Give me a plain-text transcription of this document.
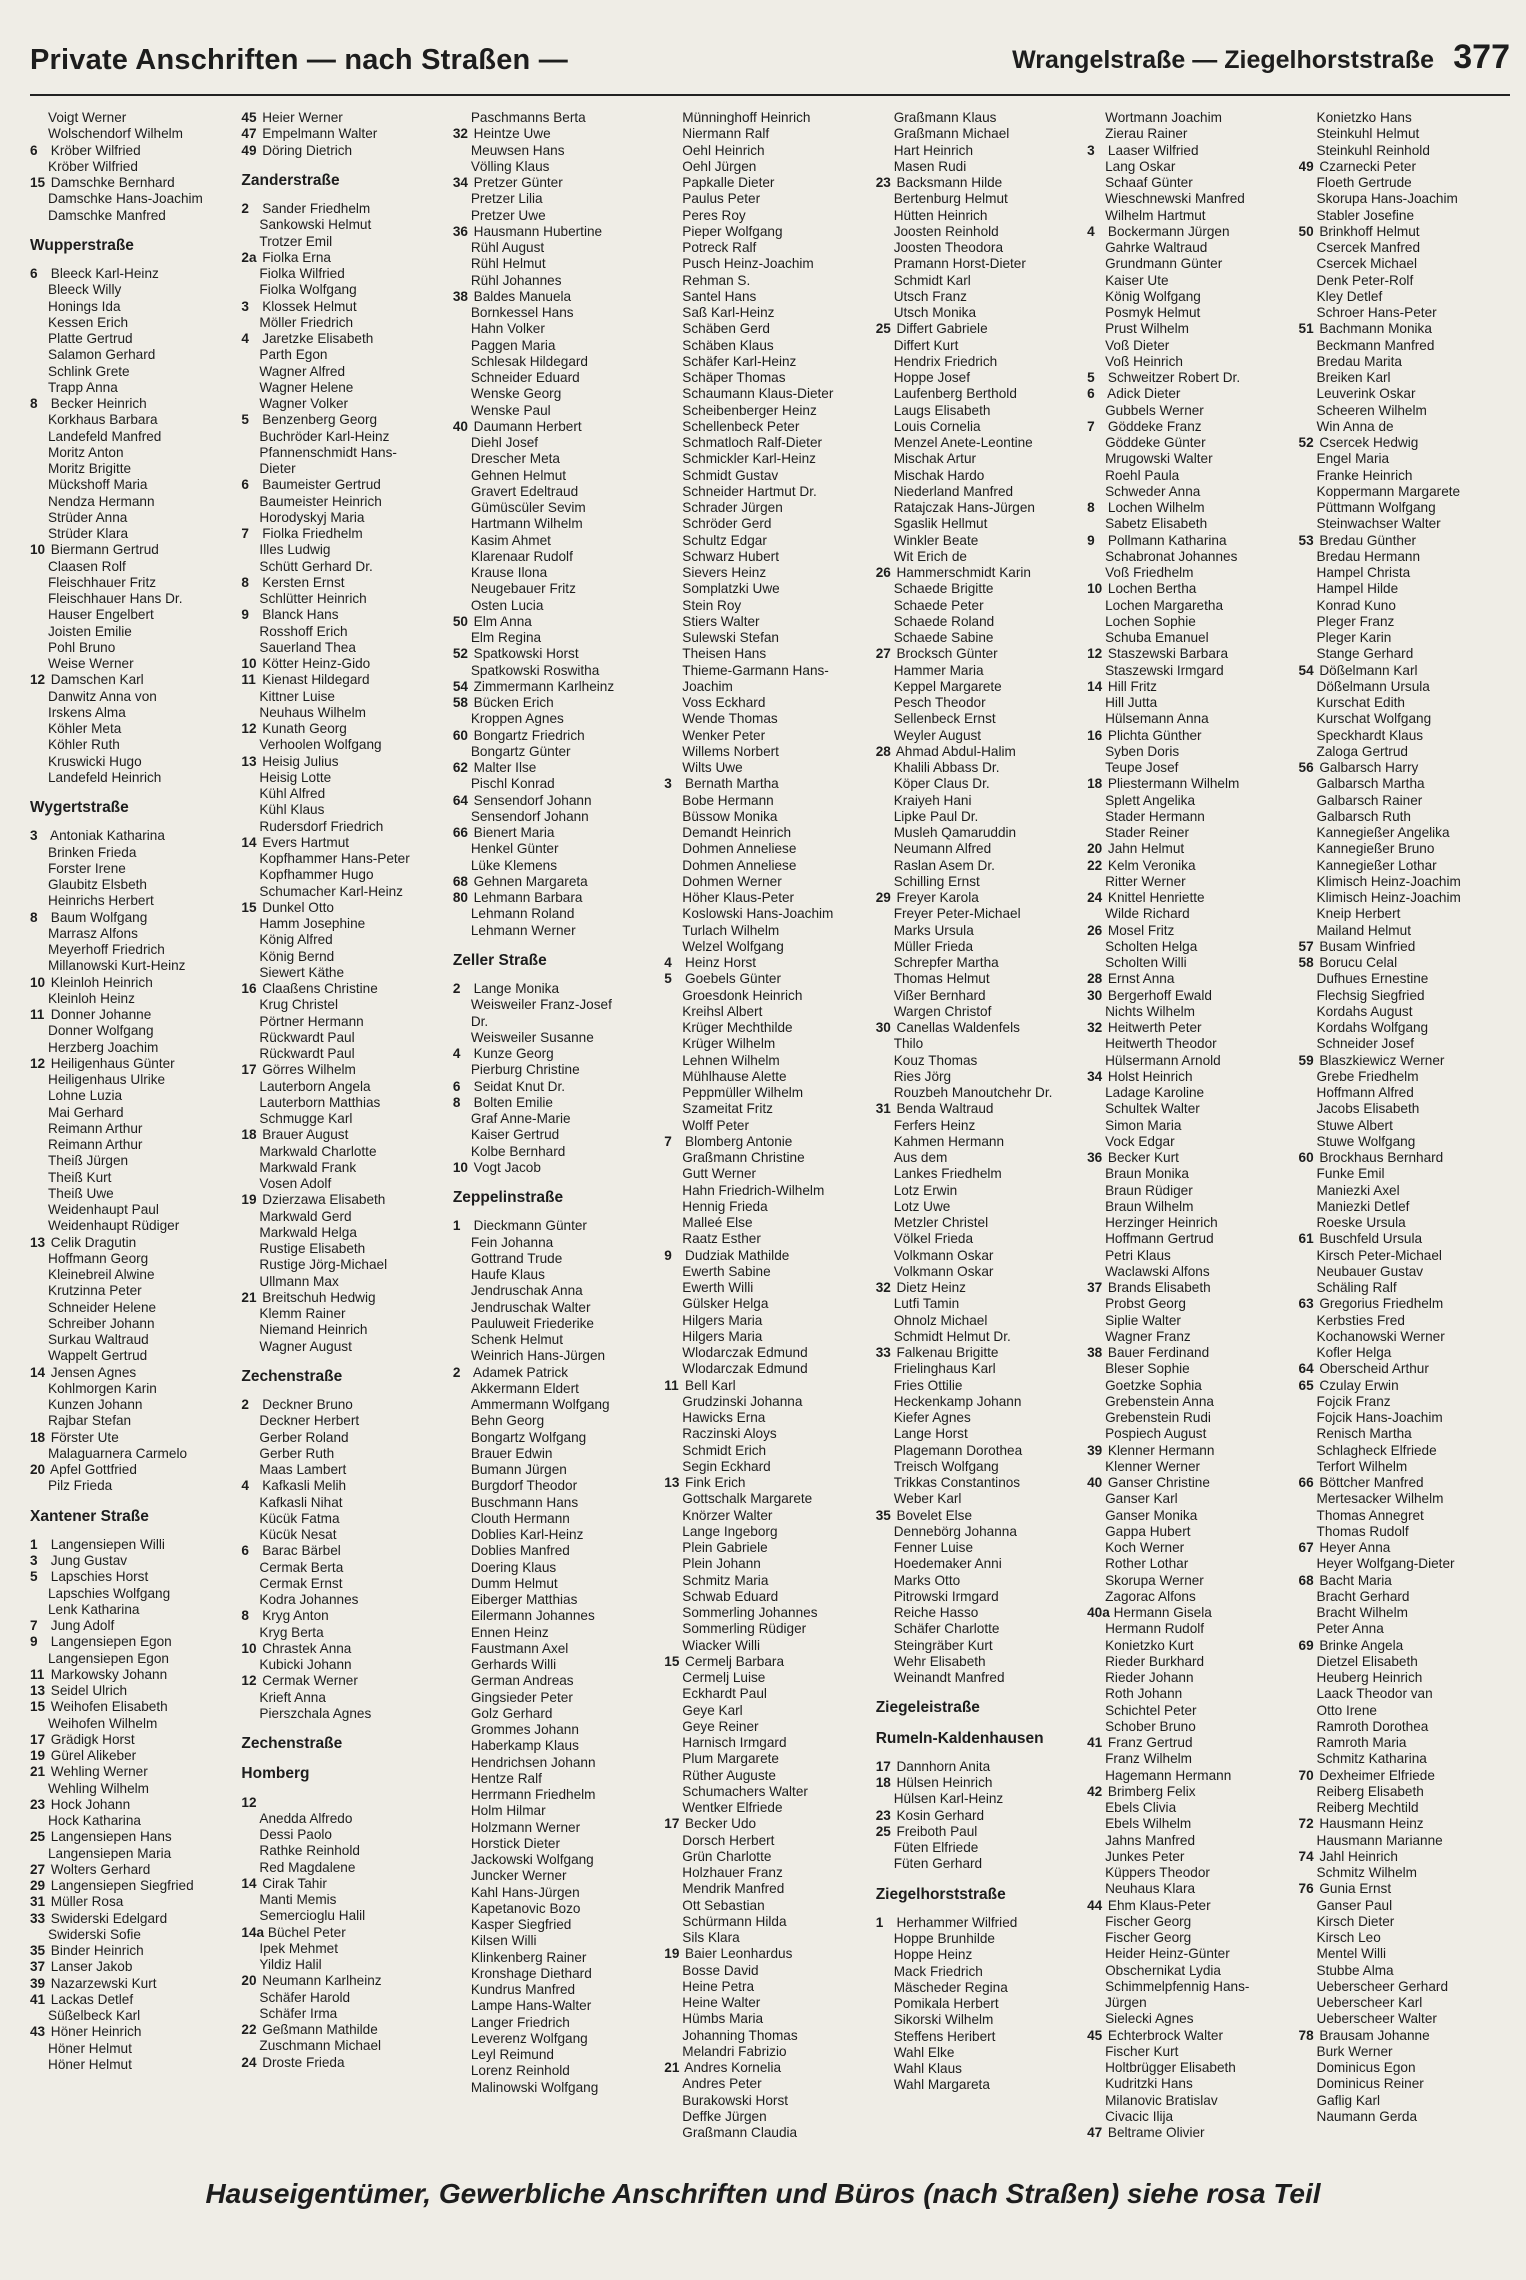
Private Anschriften — nach Straßen —	Wrangelstraße — Ziegelhorststraße 377
Voigt Werner
Wolschendorf Wilhelm
6 Kröber Wilfried
Kröber Wilfried
15 Damschke Bernhard
Damschke Hans-Joachim
Damschke Manfred
Wupperstraße
6 Bleeck Karl-Heinz
Bleeck Willy
Honings Ida
Kessen Erich
Platte Gertrud
Salamon Gerhard
Schlink Grete
Trapp Anna
8 Becker Heinrich
Korkhaus Barbara
Landefeld Manfred
Moritz Anton
Moritz Brigitte
Mückshoff Maria
Nendza Hermann
Strüder Anna
Strüder Klara
10 Biermann Gertrud
Claasen Rolf
Fleischhauer Fritz
Fleischhauer Hans Dr.
Hauser Engelbert
Joisten Emilie
Pohl Bruno
Weise Werner
12 Damschen Karl
Danwitz Anna von
Irskens Alma
Köhler Meta
Köhler Ruth
Kruswicki Hugo
Landefeld Heinrich
Wygertstraße
3 Antoniak Katharina
Brinken Frieda
Forster Irene
Glaubitz Elsbeth
Heinrichs Herbert
8 Baum Wolfgang
Marrasz Alfons
Meyerhoff Friedrich
Millanowski Kurt-Heinz
10 Kleinloh Heinrich
Kleinloh Heinz
11 Donner Johanne
Donner Wolfgang
Herzberg Joachim
12 Heiligenhaus Günter
Heiligenhaus Ulrike
Lohne Luzia
Mai Gerhard
Reimann Arthur
Reimann Arthur
Theiß Jürgen
Theiß Kurt
Theiß Uwe
Weidenhaupt Paul
Weidenhaupt Rüdiger
13 Celik Dragutin
Hoffmann Georg
Kleinebreil Alwine
Krutzinna Peter
Schneider Helene
Schreiber Johann
Surkau Waltraud
Wappelt Gertrud
14 Jensen Agnes
Kohlmorgen Karin
Kunzen Johann
Rajbar Stefan
18 Förster Ute
Malaguarnera Carmelo
20 Apfel Gottfried
Pilz Frieda
Xantener Straße
1 Langensiepen Willi
3 Jung Gustav
5 Lapschies Horst
Lapschies Wolfgang
Lenk Katharina
7 Jung Adolf
9 Langensiepen Egon
Langensiepen Egon
11 Markowsky Johann
13 Seidel Ulrich
15 Weihofen Elisabeth
Weihofen Wilhelm
17 Grädigk Horst
19 Gürel Alikeber
21 Wehling Werner
Wehling Wilhelm
23 Hock Johann
Hock Katharina
25 Langensiepen Hans
Langensiepen Maria
27 Wolters Gerhard
29 Langensiepen Siegfried
31 Müller Rosa
33 Swiderski Edelgard
Swiderski Sofie
35 Binder Heinrich
37 Lanser Jakob
39 Nazarzewski Kurt
41 Lackas Detlef
Süßelbeck Karl
43 Höner Heinrich
Höner Helmut
Höner Helmut
45 Heier Werner
47 Empelmann Walter
49 Döring Dietrich
Zanderstraße
2 Sander Friedhelm
Sankowski Helmut
Trotzer Emil
2a Fiolka Erna
Fiolka Wilfried
Fiolka Wolfgang
3 Klossek Helmut
Möller Friedrich
4 Jaretzke Elisabeth
Parth Egon
Wagner Alfred
Wagner Helene
Wagner Volker
5 Benzenberg Georg
Buchröder Karl-Heinz
Pfannenschmidt Hans-
Dieter
6 Baumeister Gertrud
Baumeister Heinrich
Horodyskyj Maria
7 Fiolka Friedhelm
Illes Ludwig
Schütt Gerhard Dr.
8 Kersten Ernst
Schlütter Heinrich
9 Blanck Hans
Rosshoff Erich
Sauerland Thea
10 Kötter Heinz-Gido
11 Kienast Hildegard
Kittner Luise
Neuhaus Wilhelm
12 Kunath Georg
Verhoolen Wolfgang
13 Heisig Julius
Heisig Lotte
Kühl Alfred
Kühl Klaus
Rudersdorf Friedrich
14 Evers Hartmut
Kopfhammer Hans-Peter
Kopfhammer Hugo
Schumacher Karl-Heinz
15 Dunkel Otto
Hamm Josephine
König Alfred
König Bernd
Siewert Käthe
16 Claaßens Christine
Krug Christel
Pörtner Hermann
Rückwardt Paul
Rückwardt Paul
17 Görres Wilhelm
Lauterborn Angela
Lauterborn Matthias
Schmugge Karl
18 Brauer August
Markwald Charlotte
Markwald Frank
Vosen Adolf
19 Dzierzawa Elisabeth
Markwald Gerd
Markwald Helga
Rustige Elisabeth
Rustige Jörg-Michael
Ullmann Max
21 Breitschuh Hedwig
Klemm Rainer
Niemand Heinrich
Wagner August
Zechenstraße
2 Deckner Bruno
Deckner Herbert
Gerber Roland
Gerber Ruth
Maas Lambert
4 Kafkasli Melih
Kafkasli Nihat
Kücük Fatma
Kücük Nesat
6 Barac Bärbel
Cermak Berta
Cermak Ernst
Kodra Johannes
8 Kryg Anton
Kryg Berta
10 Chrastek Anna
Kubicki Johann
12 Cermak Werner
Krieft Anna
Pierszchala Agnes
Zechenstraße
Homberg
12
Anedda Alfredo
Dessi Paolo
Rathke Reinhold
Red Magdalene
14 Cirak Tahir
Manti Memis
Semercioglu Halil
14a Büchel Peter
Ipek Mehmet
Yildiz Halil
20 Neumann Karlheinz
Schäfer Harold
Schäfer Irma
22 Geßmann Mathilde
Zuschmann Michael
24 Droste Frieda
Paschmanns Berta
32 Heintze Uwe
Meuwsen Hans
Völling Klaus
34 Pretzer Günter
Pretzer Lilia
Pretzer Uwe
36 Hausmann Hubertine
Rühl August
Rühl Helmut
Rühl Johannes
38 Baldes Manuela
Bornkessel Hans
Hahn Volker
Paggen Maria
Schlesak Hildegard
Schneider Eduard
Wenske Georg
Wenske Paul
40 Daumann Herbert
Diehl Josef
Drescher Meta
Gehnen Helmut
Gravert Edeltraud
Gümüscüler Sevim
Hartmann Wilhelm
Kasim Ahmet
Klarenaar Rudolf
Krause Ilona
Neugebauer Fritz
Osten Lucia
50 Elm Anna
Elm Regina
52 Spatkowski Horst
Spatkowski Roswitha
54 Zimmermann Karlheinz
58 Bücken Erich
Kroppen Agnes
60 Bongartz Friedrich
Bongartz Günter
62 Malter Ilse
Pischl Konrad
64 Sensendorf Johann
Sensendorf Johann
66 Bienert Maria
Henkel Günter
Lüke Klemens
68 Gehnen Margareta
80 Lehmann Barbara
Lehmann Roland
Lehmann Werner
Zeller Straße
2 Lange Monika
Weisweiler Franz-Josef
Dr.
Weisweiler Susanne
4 Kunze Georg
Pierburg Christine
6 Seidat Knut Dr.
8 Bolten Emilie
Graf Anne-Marie
Kaiser Gertrud
Kolbe Bernhard
10 Vogt Jacob
Zeppelinstraße
1 Dieckmann Günter
Fein Johanna
Gottrand Trude
Haufe Klaus
Jendruschak Anna
Jendruschak Walter
Pauluweit Friederike
Schenk Helmut
Weinrich Hans-Jürgen
2 Adamek Patrick
Akkermann Eldert
Ammermann Wolfgang
Behn Georg
Bongartz Wolfgang
Brauer Edwin
Bumann Jürgen
Burgdorf Theodor
Buschmann Hans
Clouth Hermann
Doblies Karl-Heinz
Doblies Manfred
Doering Klaus
Dumm Helmut
Eiberger Matthias
Eilermann Johannes
Ennen Heinz
Faustmann Axel
Gerhards Willi
German Andreas
Gingsieder Peter
Golz Gerhard
Grommes Johann
Haberkamp Klaus
Hendrichsen Johann
Hentze Ralf
Herrmann Friedhelm
Holm Hilmar
Holzmann Werner
Horstick Dieter
Jackowski Wolfgang
Juncker Werner
Kahl Hans-Jürgen
Kapetanovic Bozo
Kasper Siegfried
Kilsen Willi
Klinkenberg Rainer
Kronshage Diethard
Kundrus Manfred
Lampe Hans-Walter
Langer Friedrich
Leverenz Wolfgang
Leyl Reimund
Lorenz Reinhold
Malinowski Wolfgang
Münninghoff Heinrich
Niermann Ralf
Oehl Heinrich
Oehl Jürgen
Papkalle Dieter
Paulus Peter
Peres Roy
Pieper Wolfgang
Potreck Ralf
Pusch Heinz-Joachim
Rehman S.
Santel Hans
Saß Karl-Heinz
Schäben Gerd
Schäben Klaus
Schäfer Karl-Heinz
Schäper Thomas
Schaumann Klaus-Dieter
Scheibenberger Heinz
Schellenbeck Peter
Schmatloch Ralf-Dieter
Schmickler Karl-Heinz
Schmidt Gustav
Schneider Hartmut Dr.
Schrader Jürgen
Schröder Gerd
Schultz Edgar
Schwarz Hubert
Sievers Heinz
Somplatzki Uwe
Stein Roy
Stiers Walter
Sulewski Stefan
Theisen Hans
Thieme-Garmann Hans-
Joachim
Voss Eckhard
Wende Thomas
Wenker Peter
Willems Norbert
Wilts Uwe
3 Bernath Martha
Bobe Hermann
Büssow Monika
Demandt Heinrich
Dohmen Anneliese
Dohmen Anneliese
Dohmen Werner
Höher Klaus-Peter
Koslowski Hans-Joachim
Turlach Wilhelm
Welzel Wolfgang
4 Heinz Horst
5 Goebels Günter
Groesdonk Heinrich
Kreihsl Albert
Krüger Mechthilde
Krüger Wilhelm
Lehnen Wilhelm
Mühlhause Alette
Peppmüller Wilhelm
Szameitat Fritz
Wolff Peter
7 Blomberg Antonie
Graßmann Christine
Gutt Werner
Hahn Friedrich-Wilhelm
Hennig Frieda
Malleé Else
Raatz Esther
9 Dudziak Mathilde
Ewerth Sabine
Ewerth Willi
Gülsker Helga
Hilgers Maria
Hilgers Maria
Wlodarczak Edmund
Wlodarczak Edmund
11 Bell Karl
Grudzinski Johanna
Hawicks Erna
Raczinski Aloys
Schmidt Erich
Segin Eckhard
13 Fink Erich
Gottschalk Margarete
Knörzer Walter
Lange Ingeborg
Plein Gabriele
Plein Johann
Schmitz Maria
Schwab Eduard
Sommerling Johannes
Sommerling Rüdiger
Wiacker Willi
15 Cermelj Barbara
Cermelj Luise
Eckhardt Paul
Geye Karl
Geye Reiner
Harnisch Irmgard
Plum Margarete
Rüther Auguste
Schumachers Walter
Wentker Elfriede
17 Becker Udo
Dorsch Herbert
Grün Charlotte
Holzhauer Franz
Mendrik Manfred
Ott Sebastian
Schürmann Hilda
Sils Klara
19 Baier Leonhardus
Bosse David
Heine Petra
Heine Walter
Hümbs Maria
Johanning Thomas
Melandri Fabrizio
21 Andres Kornelia
Andres Peter
Burakowski Horst
Deffke Jürgen
Graßmann Claudia
Graßmann Klaus
Graßmann Michael
Hart Heinrich
Masen Rudi
23 Backsmann Hilde
Bertenburg Helmut
Hütten Heinrich
Joosten Reinhold
Joosten Theodora
Pramann Horst-Dieter
Schmidt Karl
Utsch Franz
Utsch Monika
25 Differt Gabriele
Differt Kurt
Hendrix Friedrich
Hoppe Josef
Laufenberg Berthold
Laugs Elisabeth
Louis Cornelia
Menzel Anete-Leontine
Mischak Artur
Mischak Hardo
Niederland Manfred
Ratajczak Hans-Jürgen
Sgaslik Hellmut
Winkler Beate
Wit Erich de
26 Hammerschmidt Karin
Schaede Brigitte
Schaede Peter
Schaede Roland
Schaede Sabine
27 Brocksch Günter
Hammer Maria
Keppel Margarete
Pesch Theodor
Sellenbeck Ernst
Weyler August
28 Ahmad Abdul-Halim
Khalili Abbass Dr.
Köper Claus Dr.
Kraiyeh Hani
Lipke Paul Dr.
Musleh Qamaruddin
Neumann Alfred
Raslan Asem Dr.
Schilling Ernst
29 Freyer Karola
Freyer Peter-Michael
Marks Ursula
Müller Frieda
Schrepfer Martha
Thomas Helmut
Vißer Bernhard
Wargen Christof
30 Canellas Waldenfels
Thilo
Kouz Thomas
Ries Jörg
Rouzbeh Manoutchehr Dr.
31 Benda Waltraud
Ferfers Heinz
Kahmen Hermann
Aus dem
Lankes Friedhelm
Lotz Erwin
Lotz Uwe
Metzler Christel
Völkel Frieda
Volkmann Oskar
Volkmann Oskar
32 Dietz Heinz
Lutfi Tamin
Ohnolz Michael
Schmidt Helmut Dr.
33 Falkenau Brigitte
Frielinghaus Karl
Fries Ottilie
Heckenkamp Johann
Kiefer Agnes
Lange Horst
Plagemann Dorothea
Treisch Wolfgang
Trikkas Constantinos
Weber Karl
35 Bovelet Else
Dennebörg Johanna
Fenner Luise
Hoedemaker Anni
Marks Otto
Pitrowski Irmgard
Reiche Hasso
Schäfer Charlotte
Steingräber Kurt
Wehr Elisabeth
Weinandt Manfred
Ziegeleistraße
Rumeln-Kaldenhausen
17 Dannhorn Anita
18 Hülsen Heinrich
Hülsen Karl-Heinz
23 Kosin Gerhard
25 Freiboth Paul
Füten Elfriede
Füten Gerhard
Ziegelhorststraße
1 Herhammer Wilfried
Hoppe Brunhilde
Hoppe Heinz
Mack Friedrich
Mäscheder Regina
Pomikala Herbert
Sikorski Wilhelm
Steffens Heribert
Wahl Elke
Wahl Klaus
Wahl Margareta
Wortmann Joachim
Zierau Rainer
3 Laaser Wilfried
Lang Oskar
Schaaf Günter
Wieschnewski Manfred
Wilhelm Hartmut
4 Bockermann Jürgen
Gahrke Waltraud
Grundmann Günter
Kaiser Ute
König Wolfgang
Posmyk Helmut
Prust Wilhelm
Voß Dieter
Voß Heinrich
5 Schweitzer Robert Dr.
6 Adick Dieter
Gubbels Werner
7 Göddeke Franz
Göddeke Günter
Mrugowski Walter
Roehl Paula
Schweder Anna
8 Lochen Wilhelm
Sabetz Elisabeth
9 Pollmann Katharina
Schabronat Johannes
Voß Friedhelm
10 Lochen Bertha
Lochen Margaretha
Lochen Sophie
Schuba Emanuel
12 Staszewski Barbara
Staszewski Irmgard
14 Hill Fritz
Hill Jutta
Hülsemann Anna
16 Plichta Günther
Syben Doris
Teupe Josef
18 Pliestermann Wilhelm
Splett Angelika
Stader Hermann
Stader Reiner
20 Jahn Helmut
22 Kelm Veronika
Ritter Werner
24 Knittel Henriette
Wilde Richard
26 Mosel Fritz
Scholten Helga
Scholten Willi
28 Ernst Anna
30 Bergerhoff Ewald
Nichts Wilhelm
32 Heitwerth Peter
Heitwerth Theodor
Hülsermann Arnold
34 Holst Heinrich
Ladage Karoline
Schultek Walter
Simon Maria
Vock Edgar
36 Becker Kurt
Braun Monika
Braun Rüdiger
Braun Wilhelm
Herzinger Heinrich
Hoffmann Gertrud
Petri Klaus
Waclawski Alfons
37 Brands Elisabeth
Probst Georg
Siplie Walter
Wagner Franz
38 Bauer Ferdinand
Bleser Sophie
Goetzke Sophia
Grebenstein Anna
Grebenstein Rudi
Pospiech August
39 Klenner Hermann
Klenner Werner
40 Ganser Christine
Ganser Karl
Ganser Monika
Gappa Hubert
Koch Werner
Rother Lothar
Skorupa Werner
Zagorac Alfons
40a Hermann Gisela
Hermann Rudolf
Konietzko Kurt
Rieder Burkhard
Rieder Johann
Roth Johann
Schichtel Peter
Schober Bruno
41 Franz Gertrud
Franz Wilhelm
Hagemann Hermann
42 Brimberg Felix
Ebels Clivia
Ebels Wilhelm
Jahns Manfred
Junkes Peter
Küppers Theodor
Neuhaus Klara
44 Ehm Klaus-Peter
Fischer Georg
Fischer Georg
Heider Heinz-Günter
Obschernikat Lydia
Schimmelpfennig Hans-
Jürgen
Sielecki Agnes
45 Echterbrock Walter
Fischer Kurt
Holtbrügger Elisabeth
Kudritzki Hans
Milanovic Bratislav
Civacic Ilija
47 Beltrame Olivier
Konietzko Hans
Steinkuhl Helmut
Steinkuhl Reinhold
49 Czarnecki Peter
Floeth Gertrude
Skorupa Hans-Joachim
Stabler Josefine
50 Brinkhoff Helmut
Csercek Manfred
Csercek Michael
Denk Peter-Rolf
Kley Detlef
Schroer Hans-Peter
51 Bachmann Monika
Beckmann Manfred
Bredau Marita
Breiken Karl
Leuverink Oskar
Scheeren Wilhelm
Win Anna de
52 Csercek Hedwig
Engel Maria
Franke Heinrich
Koppermann Margarete
Püttmann Wolfgang
Steinwachser Walter
53 Bredau Günther
Bredau Hermann
Hampel Christa
Hampel Hilde
Konrad Kuno
Pleger Franz
Pleger Karin
Stange Gerhard
54 Dößelmann Karl
Dößelmann Ursula
Kurschat Edith
Kurschat Wolfgang
Speckhardt Klaus
Zaloga Gertrud
56 Galbarsch Harry
Galbarsch Martha
Galbarsch Rainer
Galbarsch Ruth
Kannegießer Angelika
Kannegießer Bruno
Kannegießer Lothar
Klimisch Heinz-Joachim
Klimisch Heinz-Joachim
Kneip Herbert
Mailand Helmut
57 Busam Winfried
58 Borucu Celal
Dufhues Ernestine
Flechsig Siegfried
Kordahs August
Kordahs Wolfgang
Schneider Josef
59 Blaszkiewicz Werner
Grebe Friedhelm
Hoffmann Alfred
Jacobs Elisabeth
Stuwe Albert
Stuwe Wolfgang
60 Brockhaus Bernhard
Funke Emil
Maniezki Axel
Maniezki Detlef
Roeske Ursula
61 Buschfeld Ursula
Kirsch Peter-Michael
Neubauer Gustav
Schäling Ralf
63 Gregorius Friedhelm
Kerbsties Fred
Kochanowski Werner
Kofler Helga
64 Oberscheid Arthur
65 Czulay Erwin
Fojcik Franz
Fojcik Hans-Joachim
Renisch Martha
Schlagheck Elfriede
Terfort Wilhelm
66 Böttcher Manfred
Mertesacker Wilhelm
Thomas Annegret
Thomas Rudolf
67 Heyer Anna
Heyer Wolfgang-Dieter
68 Bacht Maria
Bracht Gerhard
Bracht Wilhelm
Peter Anna
69 Brinke Angela
Dietzel Elisabeth
Heuberg Heinrich
Laack Theodor van
Otto Irene
Ramroth Dorothea
Ramroth Maria
Schmitz Katharina
70 Dexheimer Elfriede
Reiberg Elisabeth
Reiberg Mechtild
72 Hausmann Heinz
Hausmann Marianne
74 Jahl Heinrich
Schmitz Wilhelm
76 Gunia Ernst
Ganser Paul
Kirsch Dieter
Kirsch Leo
Mentel Willi
Stubbe Alma
Ueberscheer Gerhard
Ueberscheer Karl
Ueberscheer Walter
78 Brausam Johanne
Burk Werner
Dominicus Egon
Dominicus Reiner
Gaflig Karl
Naumann Gerda
Hauseigentümer, Gewerbliche Anschriften und Büros (nach Straßen) siehe rosa Teil
